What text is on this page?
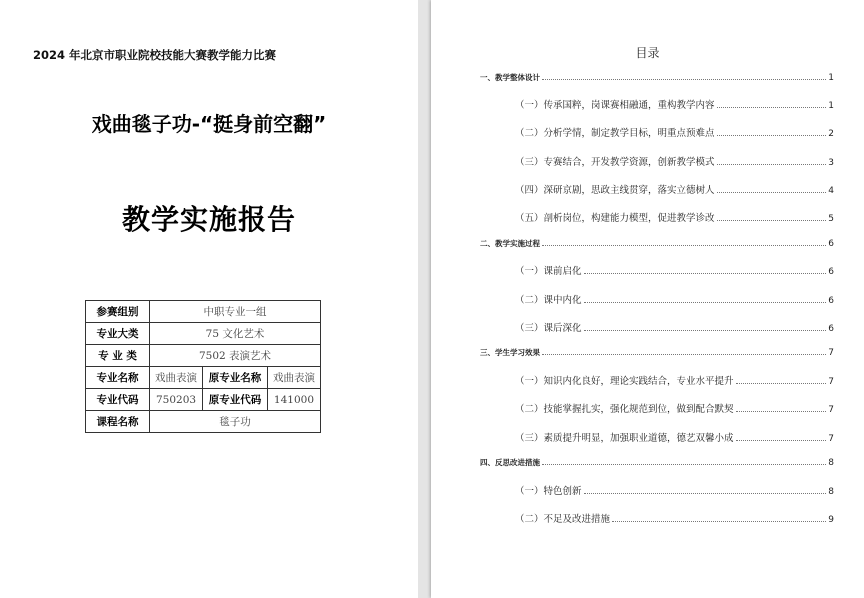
2024 年北京市职业院校技能大赛教学能力比赛
戏曲毯子功-“挺身前空翻”
教学实施报告
参赛组别	中职专业一组		
专业大类	75 文化艺术		
专 业 类	7502 表演艺术		
专业名称	戏曲表演	原专业名称	戏曲表演
专业代码	750203	原专业代码	141000
课程名称	毯子功		
目录
一、教学整体设计	1
（一）传承国粹，岗课赛相融通，重构教学内容	1
（二）分析学情，制定教学目标，明重点预难点	2
（三）专赛结合，开发教学资源，创新教学模式	3
（四）深研京剧，思政主线贯穿，落实立德树人	4
（五）剖析岗位，构建能力模型，促进教学诊改	5
二、教学实施过程	6
（一）课前启化	6
（二）课中内化	6
（三）课后深化	6
三、学生学习效果	7
（一）知识内化良好，理论实践结合，专业水平提升	7
（二）技能掌握扎实，强化规范到位，做到配合默契	7
（三）素质提升明显，加强职业道德，德艺双馨小成	7
四、反思改进措施	8
（一）特色创新	8
（二）不足及改进措施	9
